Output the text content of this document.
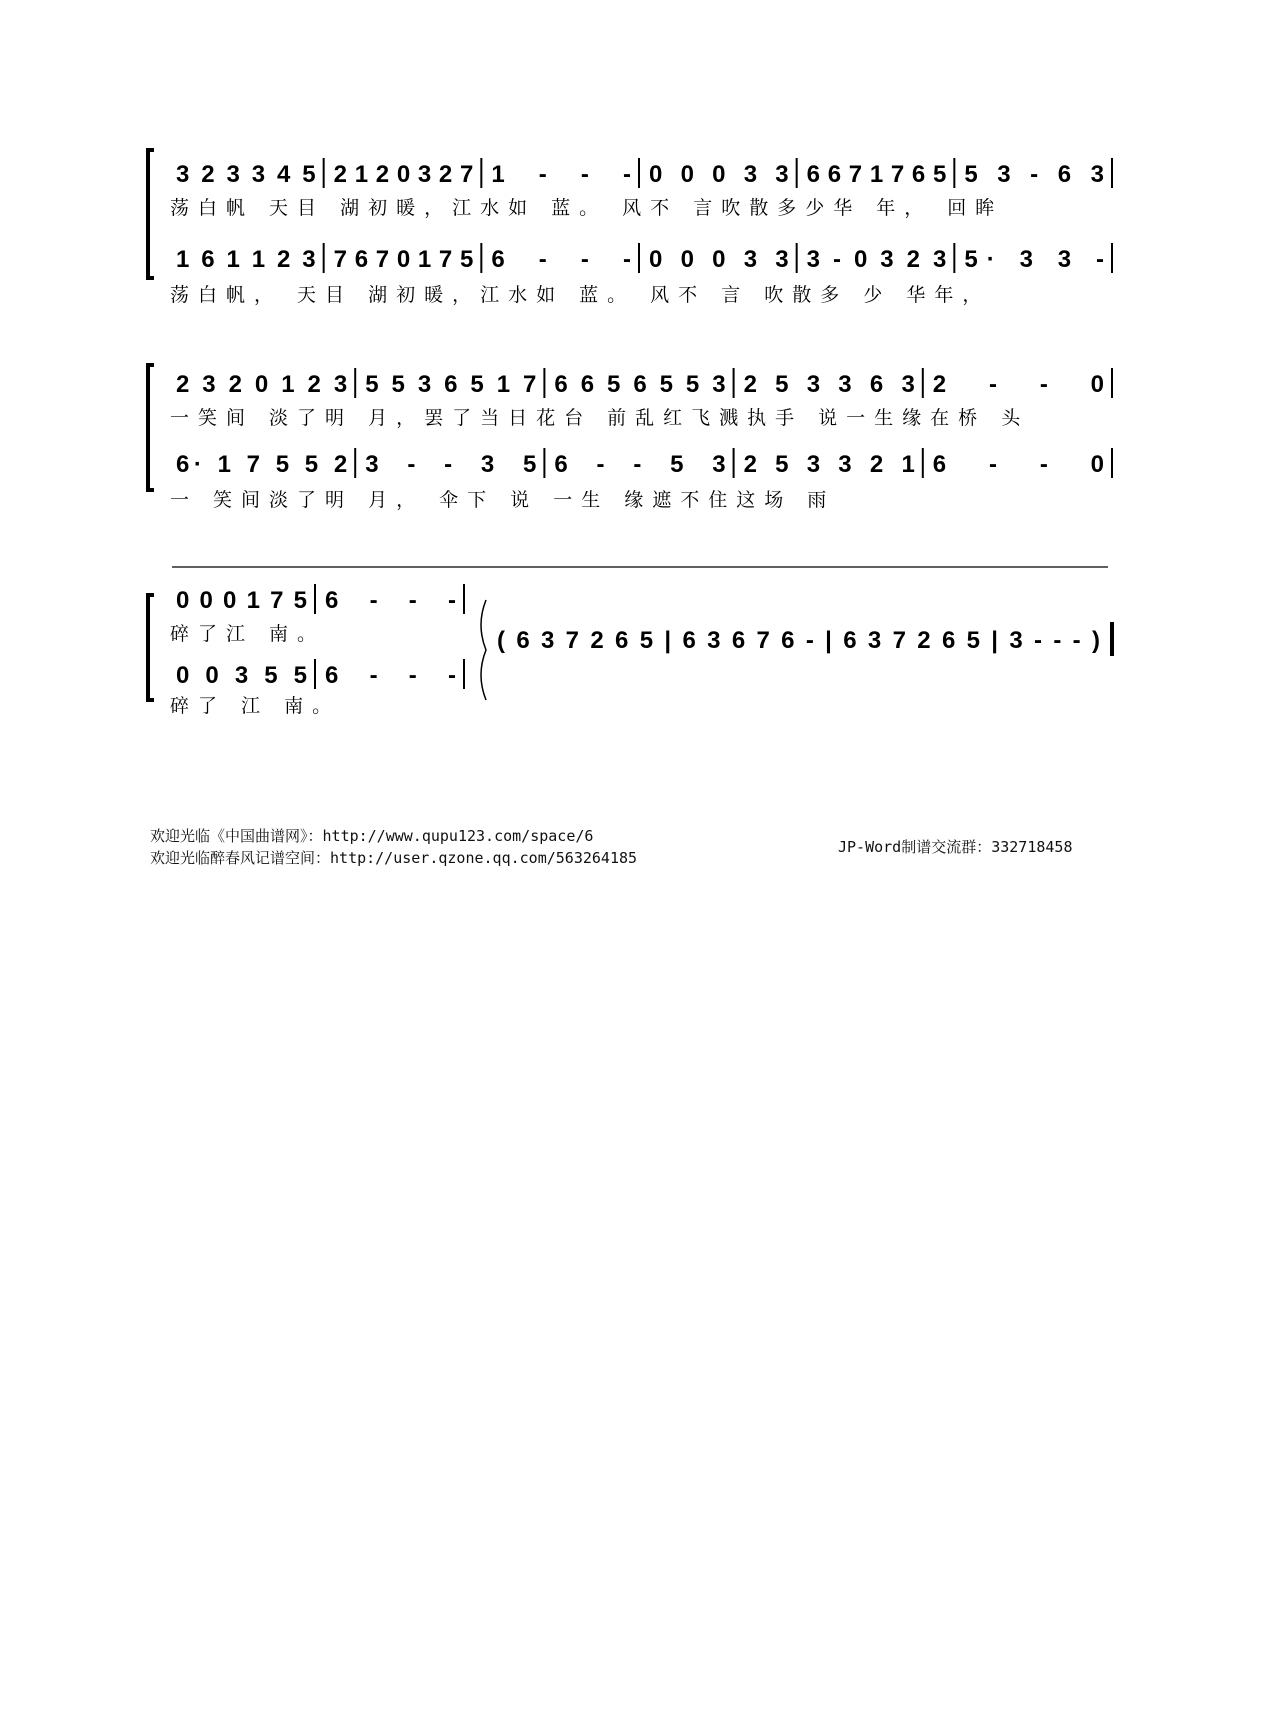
3 2 3 3 4 5 2 1 2 0 3 2 7 1 - - - 0 0 0 3 3 6 6 7 1 7 6 5 5 3 - 6 3
荡白帆 天目 湖初暖，江水如 蓝。 风不 言吹散多少华 年， 回眸
1 6 1 1 2 3 7 6 7 0 1 7 5 6 - - - 0 0 0 3 3 3 - 0 3 2 3 5· 3 3 -
荡白帆， 天目 湖初暖，江水如 蓝。 风不 言 吹散多 少 华年，
2 3 2 0 1 2 3 5 5 3 6 5 1 7 6 6 5 6 5 5 3 2 5 3 3 6 3 2 - - 0
一笑间 淡了明 月，罢了当日花台 前乱红飞溅执手 说一生缘在桥 头
6· 1 7 5 5 2 3 - - 3 5 6 - - 5 3 2 5 3 3 2 1 6 - - 0
一 笑间淡了明 月， 伞下 说 一生 缘遮不住这场 雨
0 0 0 1 7 5 6 - - -
碎了江 南。
0 0 3 5 5 6 - - -
碎了 江 南。
( 6 3 7 2 6 5 | 6 3 6 7 6 - | 6 3 7 2 6 5 | 3 - - - )
欢迎光临《中国曲谱网》：http://www.qupu123.com/space/6
欢迎光临醉春风记谱空间：http://user.qzone.qq.com/563264185
JP-Word制谱交流群：332718458
